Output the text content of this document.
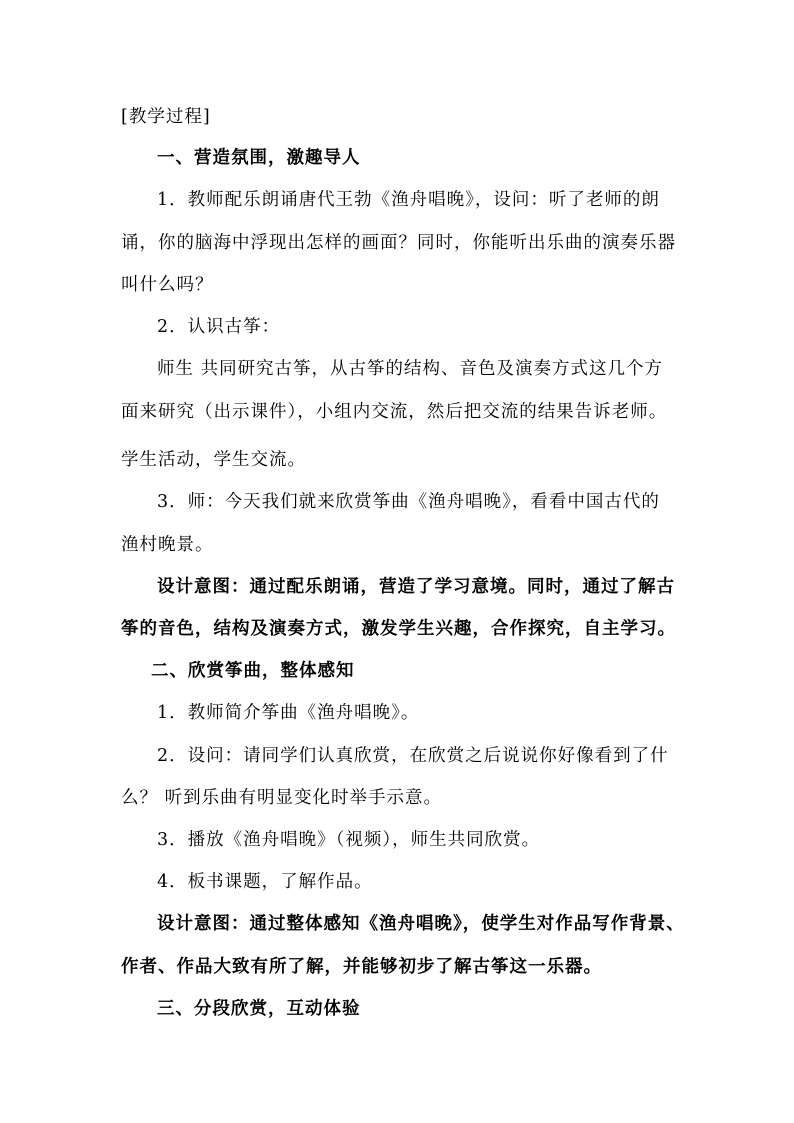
[教学过程]
一、营造氛围，激趣导人
1．教师配乐朗诵唐代王勃《渔舟唱晚》，设问：听了老师的朗
诵，你的脑海中浮现出怎样的画面？同时，你能听出乐曲的演奏乐器
叫什么吗？
2．认识古筝：
师生 共同研究古筝，从古筝的结构、音色及演奏方式这几个方
面来研究（出示课件），小组内交流，然后把交流的结果告诉老师。
学生活动，学生交流。
3．师：今天我们就来欣赏筝曲《渔舟唱晚》，看看中国古代的
渔村晚景。
设计意图：通过配乐朗诵，营造了学习意境。同时，通过了解古
筝的音色，结构及演奏方式，激发学生兴趣，合作探究，自主学习。
二、欣赏筝曲，整体感知
1．教师简介筝曲《渔舟唱晚》。
2．设问：请同学们认真欣赏，在欣赏之后说说你好像看到了什
么？ 听到乐曲有明显变化时举手示意。
3．播放《渔舟唱晚》（视频），师生共同欣赏。
4．板书课题，了解作品。
设计意图：通过整体感知《渔舟唱晚》，使学生对作品写作背景、
作者、作品大致有所了解，并能够初步了解古筝这一乐器。
三、分段欣赏，互动体验
